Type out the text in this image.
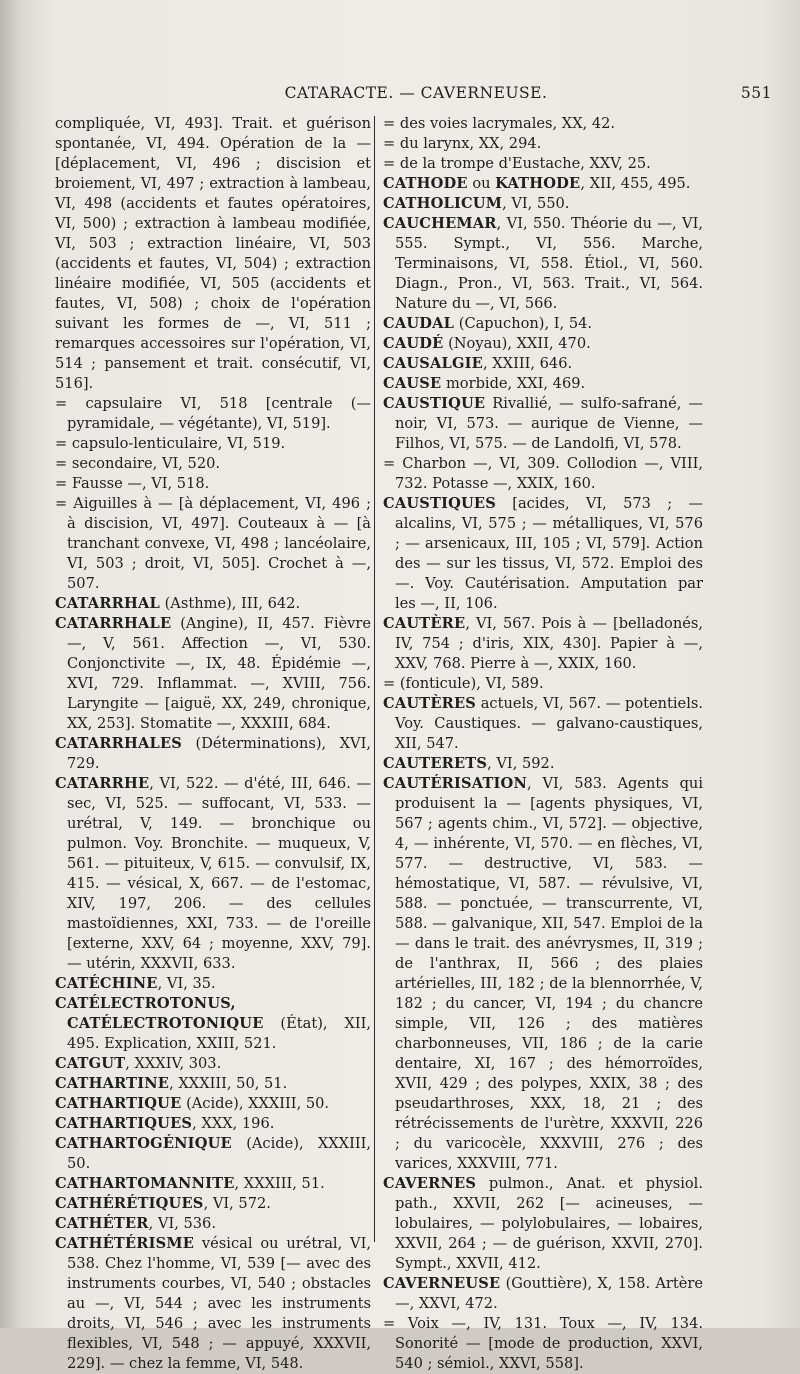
CATARACTE. — CAVERNEUSE.	551

compliquée, VI, 493]. Trait. et guérison spontanée, VI, 494. Opération de la — [déplacement, VI, 496 ; discision et broiement, VI, 497 ; extraction à lambeau, VI, 498 (accidents et fautes opératoires, VI, 500) ; extraction à lambeau modifiée, VI, 503 ; extraction linéaire, VI, 503 (accidents et fautes, VI, 504) ; extraction linéaire modifiée, VI, 505 (accidents et fautes, VI, 508) ; choix de l'opération suivant les formes de —, VI, 511 ; remarques accessoires sur l'opération, VI, 514 ; pansement et trait. consécutif, VI, 516].

= capsulaire VI, 518 [centrale (— pyramidale, — végétante), VI, 519].

= capsulo-lenticulaire, VI, 519.

= secondaire, VI, 520.

= Fausse —, VI, 518.

= Aiguilles à — [à déplacement, VI, 496 ; à discision, VI, 497]. Couteaux à — [à tranchant convexe, VI, 498 ; lancéolaire, VI, 503 ; droit, VI, 505]. Crochet à —, 507.

CATARRHAL (Asthme), III, 642.

CATARRHALE (Angine), II, 457. Fièvre —, V, 561. Affection —, VI, 530. Conjonctivite —, IX, 48. Épidémie —, XVI, 729. Inflammat. —, XVIII, 756. Laryngite — [aiguë, XX, 249, chronique, XX, 253]. Stomatite —, XXXIII, 684.

CATARRHALES (Déterminations), XVI, 729.

CATARRHE, VI, 522. — d'été, III, 646. — sec, VI, 525. — suffocant, VI, 533. — urétral, V, 149. — bronchique ou pulmon. Voy. Bronchite. — muqueux, V, 561. — pituiteux, V, 615. — convulsif, IX, 415. — vésical, X, 667. — de l'estomac, XIV, 197, 206. — des cellules mastoïdiennes, XXI, 733. — de l'oreille [externe, XXV, 64 ; moyenne, XXV, 79]. — utérin, XXXVII, 633.

CATÉCHINE, VI, 35.

CATÉLECTROTONUS, CATÉLECTROTONIQUE (État), XII, 495. Explication, XXIII, 521.

CATGUT, XXXIV, 303.

CATHARTINE, XXXIII, 50, 51.

CATHARTIQUE (Acide), XXXIII, 50.

CATHARTIQUES, XXX, 196.

CATHARTOGÉNIQUE (Acide), XXXIII, 50.

CATHARTOMANNITE, XXXIII, 51.

CATHÉRÉTIQUES, VI, 572.

CATHÉTER, VI, 536.

CATHÉTÉRISME vésical ou urétral, VI, 538. Chez l'homme, VI, 539 [— avec des instruments courbes, VI, 540 ; obstacles au —, VI, 544 ; avec les instruments droits, VI, 546 ; avec les instruments flexibles, VI, 548 ; — appuyé, XXXVII, 229]. — chez la femme, VI, 548.

= des voies lacrymales, XX, 42.

= du larynx, XX, 294.

= de la trompe d'Eustache, XXV, 25.

CATHODE ou KATHODE, XII, 455, 495.

CATHOLICUM, VI, 550.

CAUCHEMAR, VI, 550. Théorie du —, VI, 555. Sympt., VI, 556. Marche, Terminaisons, VI, 558. Étiol., VI, 560. Diagn., Pron., VI, 563. Trait., VI, 564. Nature du —, VI, 566.

CAUDAL (Capuchon), I, 54.

CAUDÉ (Noyau), XXII, 470.

CAUSALGIE, XXIII, 646.

CAUSE morbide, XXI, 469.

CAUSTIQUE Rivallié, — sulfo-safrané, — noir, VI, 573. — aurique de Vienne, — Filhos, VI, 575. — de Landolfi, VI, 578.

= Charbon —, VI, 309. Collodion —, VIII, 732. Potasse —, XXIX, 160.

CAUSTIQUES [acides, VI, 573 ; — alcalins, VI, 575 ; — métalliques, VI, 576 ; — arsenicaux, III, 105 ; VI, 579]. Action des — sur les tissus, VI, 572. Emploi des —. Voy. Cautérisation. Amputation par les —, II, 106.

CAUTÈRE, VI, 567. Pois à — [belladonés, IV, 754 ; d'iris, XIX, 430]. Papier à —, XXV, 768. Pierre à —, XXIX, 160.

= (fonticule), VI, 589.

CAUTÈRES actuels, VI, 567. — potentiels. Voy. Caustiques. — galvano-caustiques, XII, 547.

CAUTERETS, VI, 592.

CAUTÉRISATION, VI, 583. Agents qui produisent la — [agents physiques, VI, 567 ; agents chim., VI, 572]. — objective, 4, — inhérente, VI, 570. — en flèches, VI, 577. — destructive, VI, 583. — hémostatique, VI, 587. — révulsive, VI, 588. — ponctuée, — transcurrente, VI, 588. — galvanique, XII, 547. Emploi de la — dans le trait. des anévrysmes, II, 319 ; de l'anthrax, II, 566 ; des plaies artérielles, III, 182 ; de la blennorrhée, V, 182 ; du cancer, VI, 194 ; du chancre simple, VII, 126 ; des matières charbonneuses, VII, 186 ; de la carie dentaire, XI, 167 ; des hémorroïdes, XVII, 429 ; des polypes, XXIX, 38 ; des pseudarthroses, XXX, 18, 21 ; des rétrécissements de l'urètre, XXXVII, 226 ; du varicocèle, XXXVIII, 276 ; des varices, XXXVIII, 771.

CAVERNES pulmon., Anat. et physiol. path., XXVII, 262 [— acineuses, — lobulaires, — polylobulaires, — lobaires, XXVII, 264 ; — de guérison, XXVII, 270]. Sympt., XXVII, 412.

CAVERNEUSE (Gouttière), X, 158. Artère —, XXVI, 472.

= Voix —, IV, 131. Toux —, IV, 134. Sonorité — [mode de production, XXVI, 540 ; sémiol., XXVI, 558].
